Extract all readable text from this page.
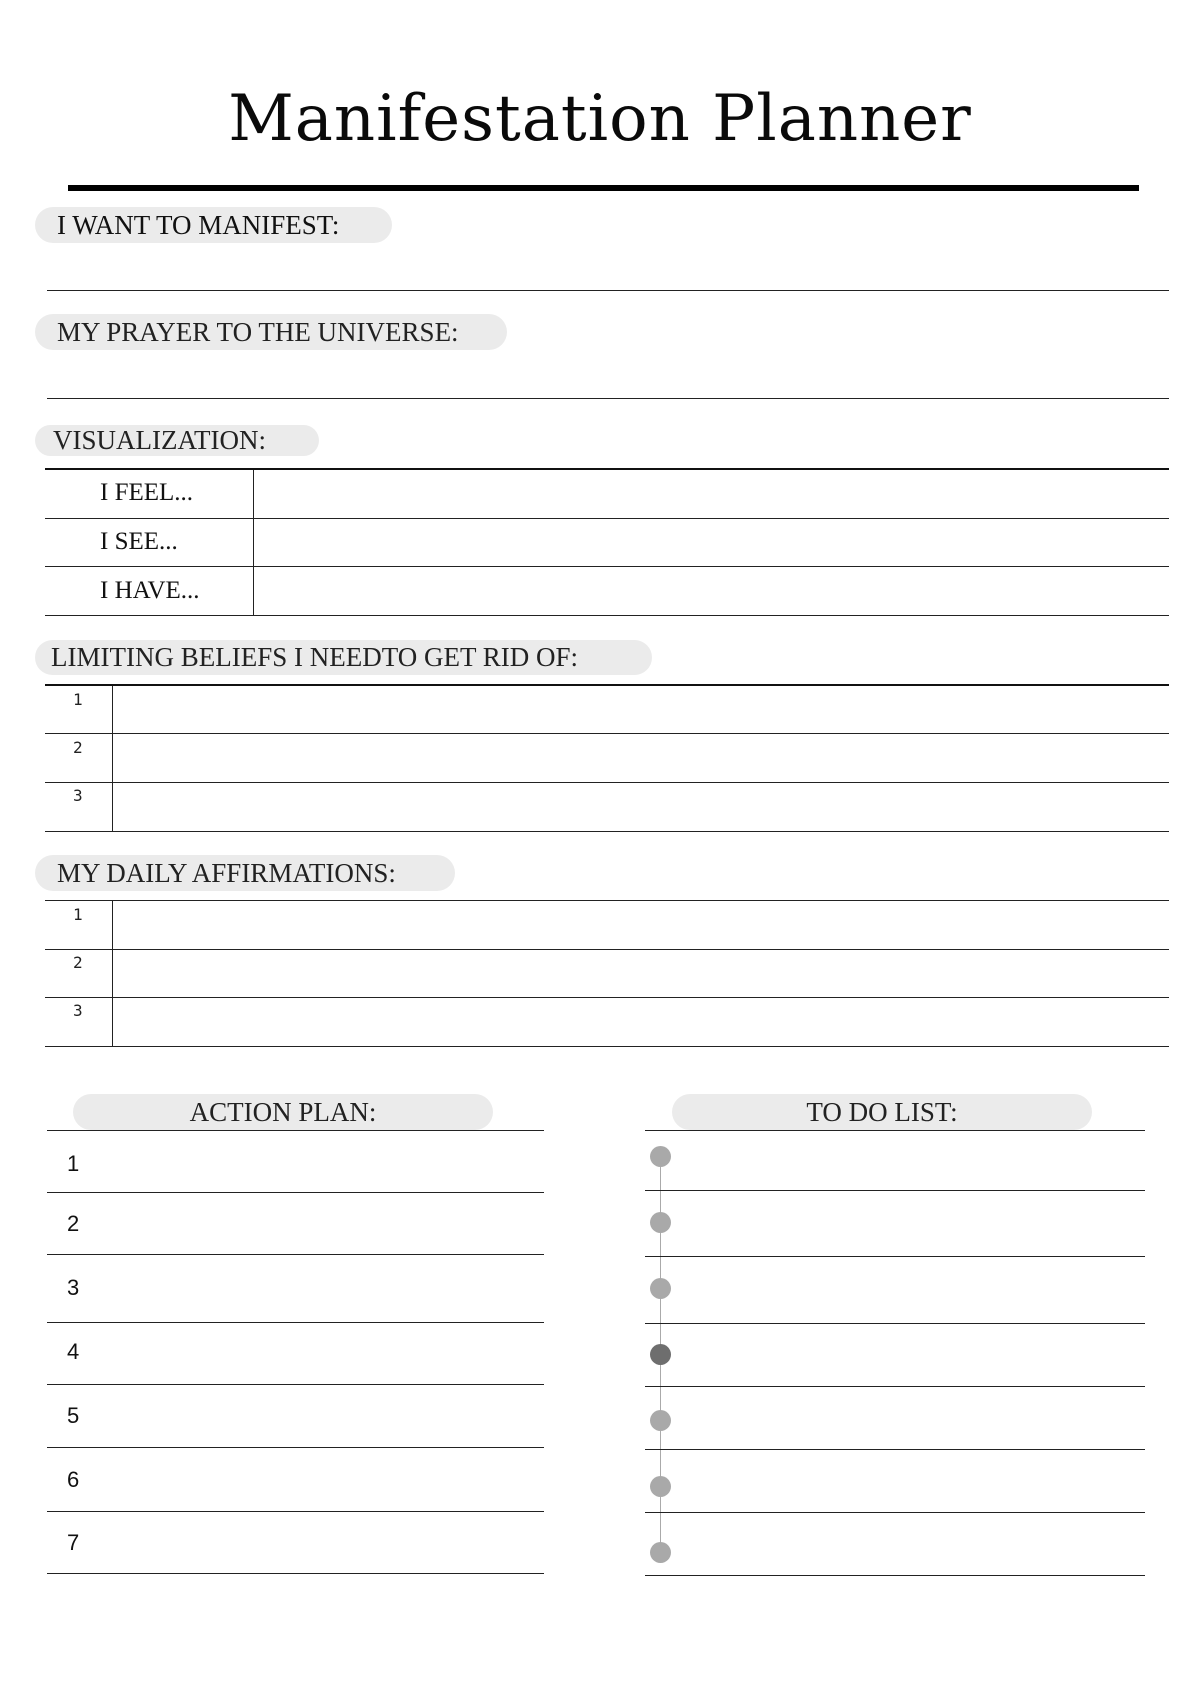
Manifestation Planner
I WANT TO MANIFEST:
MY PRAYER TO THE UNIVERSE:
VISUALIZATION:
I FEEL...
I SEE...
I HAVE...
LIMITING BELIEFS I NEEDTO GET RID OF:
1
2
3
MY DAILY AFFIRMATIONS:
1
2
3
ACTION PLAN:
1
2
3
4
5
6
7
TO DO LIST:
